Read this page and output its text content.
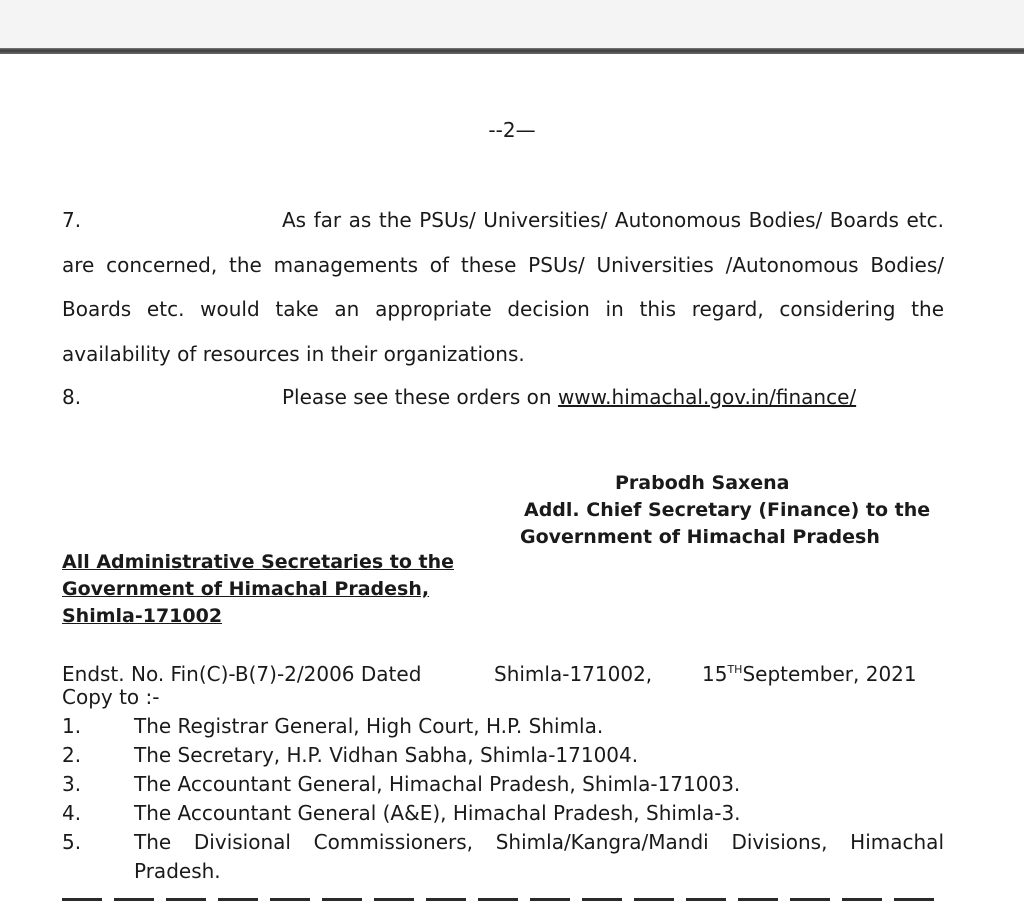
--2—
7.	As far as the PSUs/ Universities/ Autonomous Bodies/ Boards etc. are concerned, the managements of these PSUs/ Universities /Autonomous Bodies/ Boards etc. would take an appropriate decision in this regard, considering the availability of resources in their organizations.
8.	Please see these orders on www.himachal.gov.in/finance/
Prabodh Saxena
Addl. Chief Secretary (Finance) to the
Government of Himachal Pradesh
All Administrative Secretaries to the
Government of Himachal Pradesh,
Shimla-171002
Endst. No. Fin(C)-B(7)-2/2006 Dated	Shimla-171002, 15THSeptember, 2021
Copy to :-
1.	The Registrar General, High Court, H.P. Shimla.
2.	The Secretary, H.P. Vidhan Sabha, Shimla-171004.
3.	The Accountant General, Himachal Pradesh, Shimla-171003.
4.	The Accountant General (A&E), Himachal Pradesh, Shimla-3.
5.	The Divisional Commissioners, Shimla/Kangra/Mandi Divisions, Himachal Pradesh.
